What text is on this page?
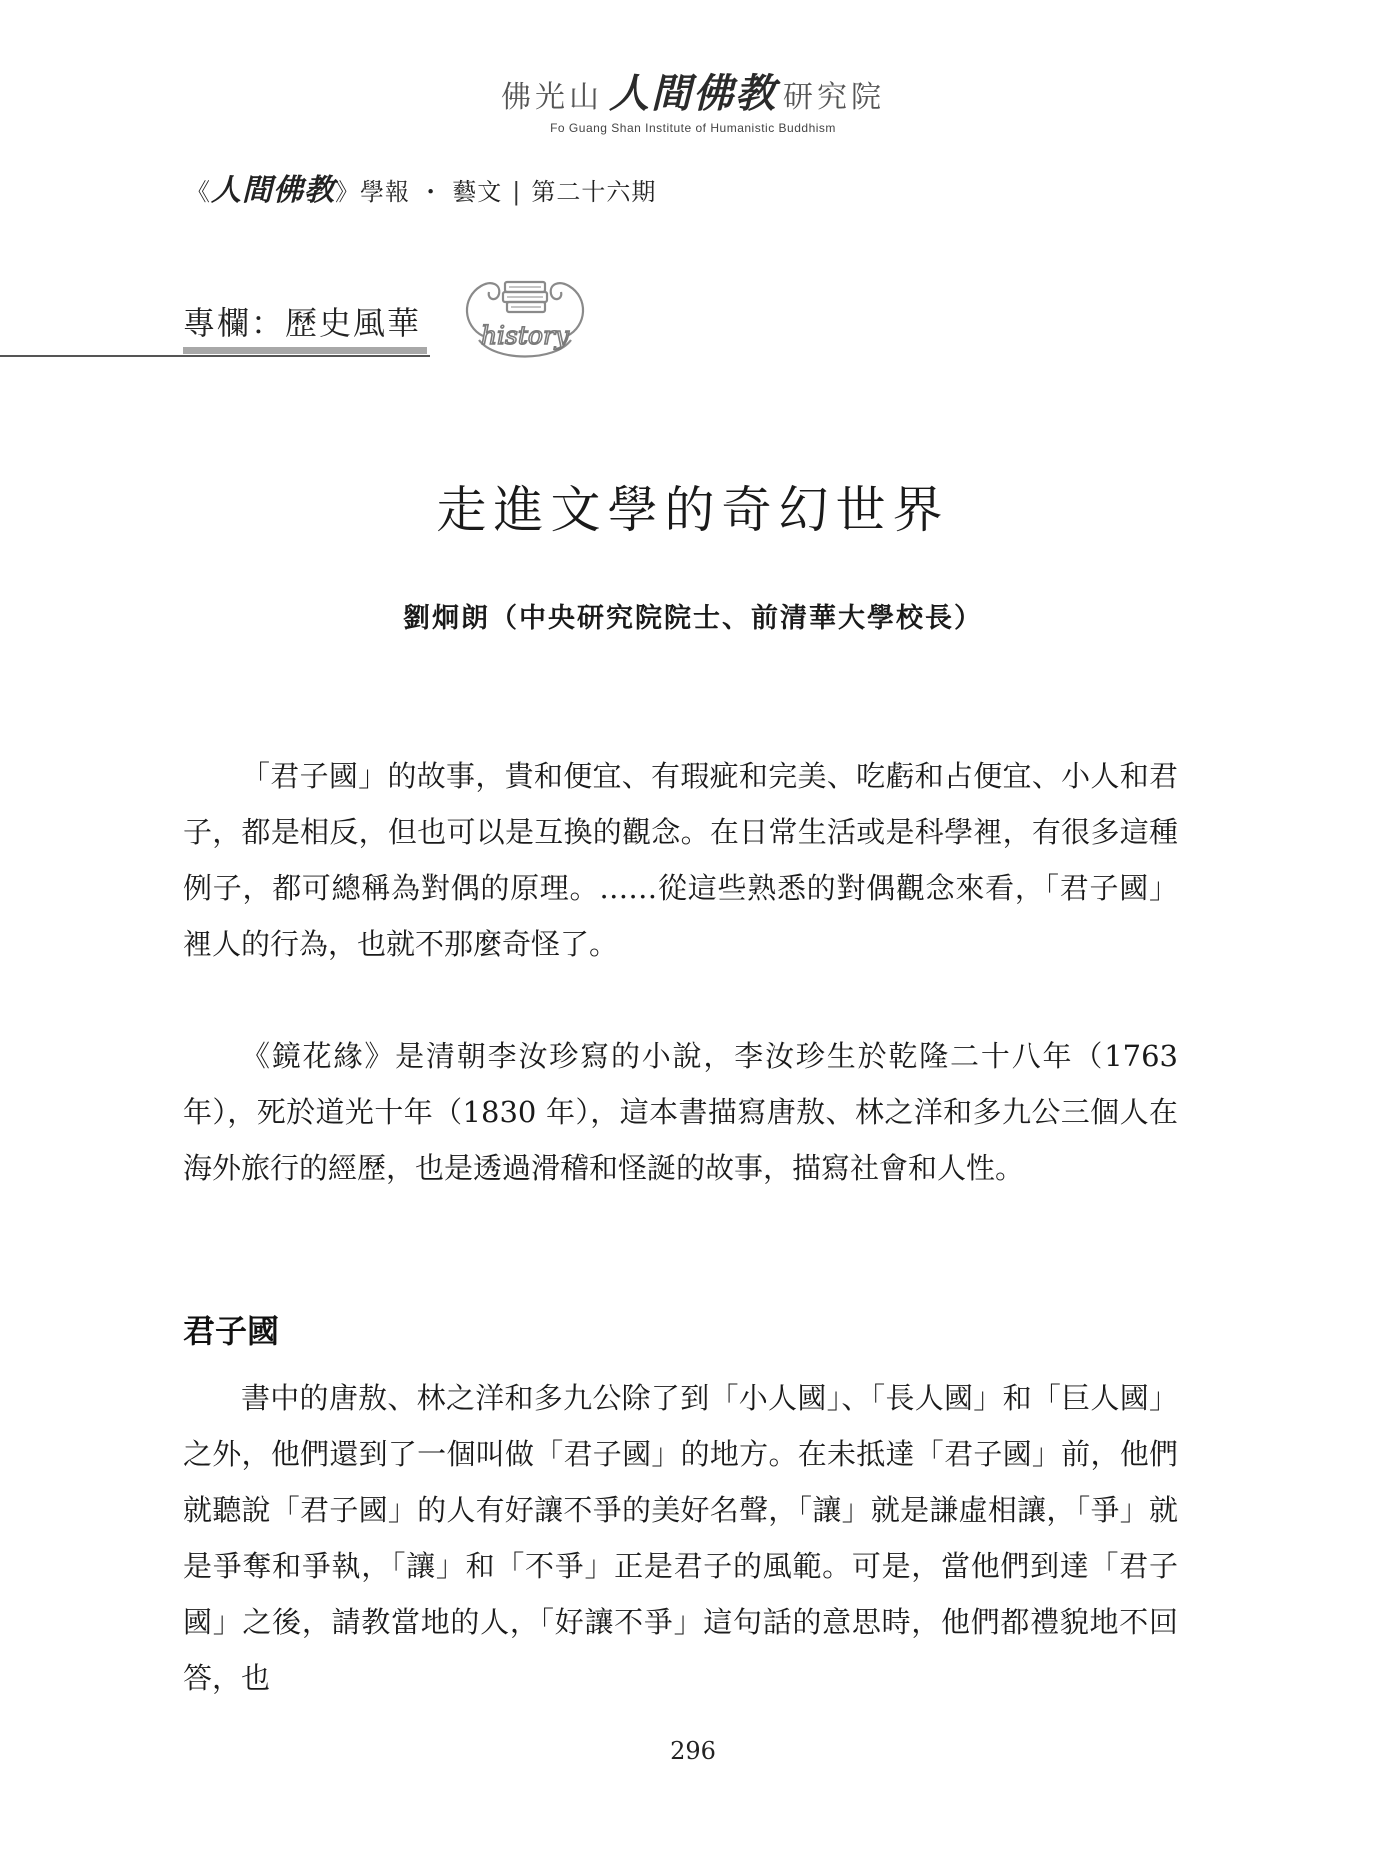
佛光山 人間佛教 研究院
Fo Guang Shan Institute of Humanistic Buddhism
《人間佛教》學報 ・ 藝文 | 第二十六期
專欄：歷史風華 history
走進文學的奇幻世界
劉炯朗（中央研究院院士、前清華大學校長）

「君子國」的故事，貴和便宜、有瑕疵和完美、吃虧和占便宜、小人和君子，都是相反，但也可以是互換的觀念。在日常生活或是科學裡，有很多這種例子，都可總稱為對偶的原理。……從這些熟悉的對偶觀念來看，「君子國」裡人的行為，也就不那麼奇怪了。

《鏡花緣》是清朝李汝珍寫的小說，李汝珍生於乾隆二十八年（1763 年），死於道光十年（1830 年），這本書描寫唐敖、林之洋和多九公三個人在海外旅行的經歷，也是透過滑稽和怪誕的故事，描寫社會和人性。

君子國

書中的唐敖、林之洋和多九公除了到「小人國」、「長人國」和「巨人國」之外，他們還到了一個叫做「君子國」的地方。在未抵達「君子國」前，他們就聽說「君子國」的人有好讓不爭的美好名聲，「讓」就是謙虛相讓，「爭」就是爭奪和爭執，「讓」和「不爭」正是君子的風範。可是，當他們到達「君子國」之後，請教當地的人，「好讓不爭」這句話的意思時，他們都禮貌地不回答，也

296
